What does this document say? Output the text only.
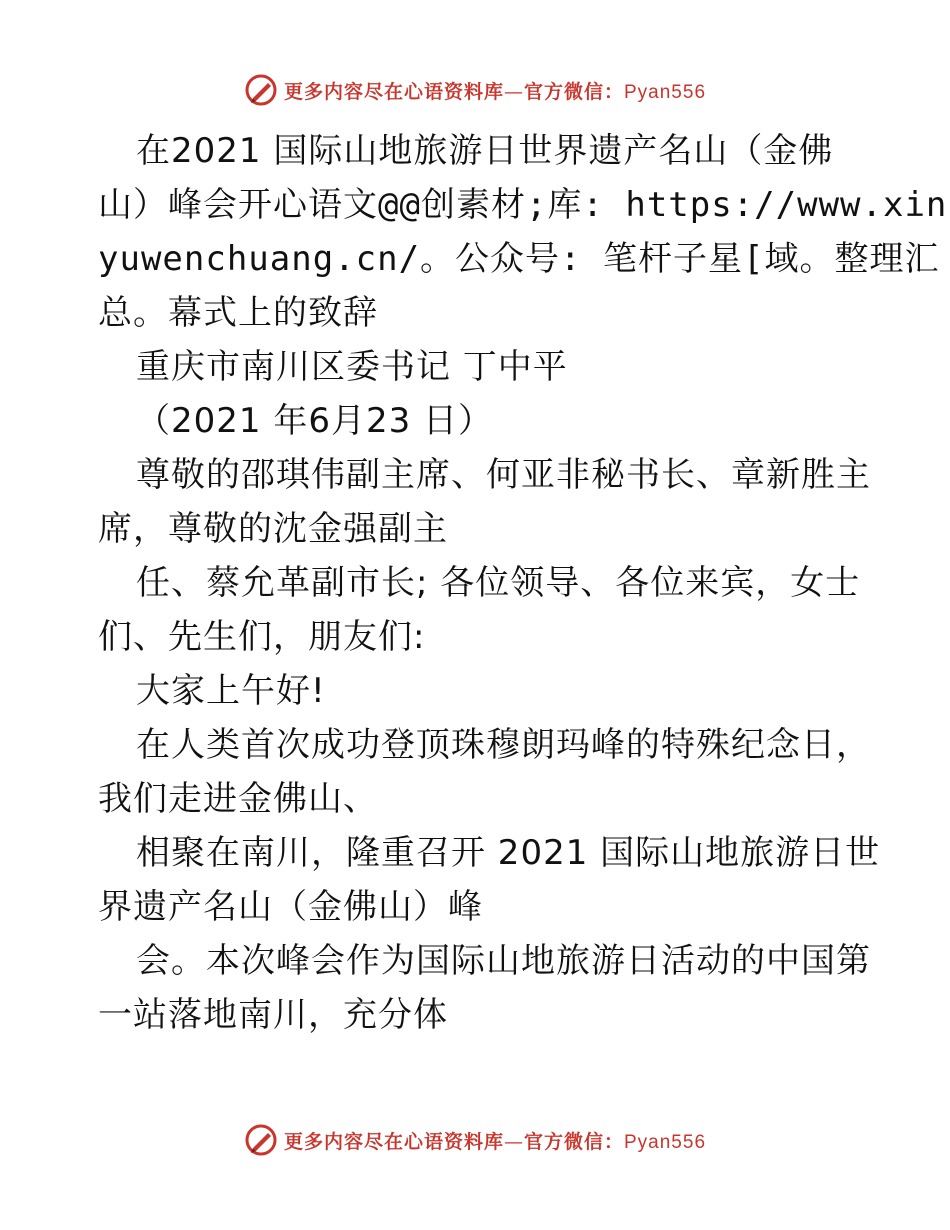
更多内容尽在心语资料库—官方微信：Pyan556
在2021 国际山地旅游日世界遗产名山（金佛
山）峰会开心语文@@创素材;库: https://www.xin
yuwenchuang.cn/。公众号: 笔杆子星[域。整理汇
总。幕式上的致辞
重庆市南川区委书记 丁中平
（2021 年6月23 日）
尊敬的邵琪伟副主席、何亚非秘书长、章新胜主
席，尊敬的沈金强副主
任、蔡允革副市长; 各位领导、各位来宾，女士
们、先生们，朋友们:
大家上午好!
在人类首次成功登顶珠穆朗玛峰的特殊纪念日，
我们走进金佛山、
相聚在南川，隆重召开 2021 国际山地旅游日世
界遗产名山（金佛山）峰
会。本次峰会作为国际山地旅游日活动的中国第
一站落地南川，充分体
更多内容尽在心语资料库—官方微信：Pyan556
